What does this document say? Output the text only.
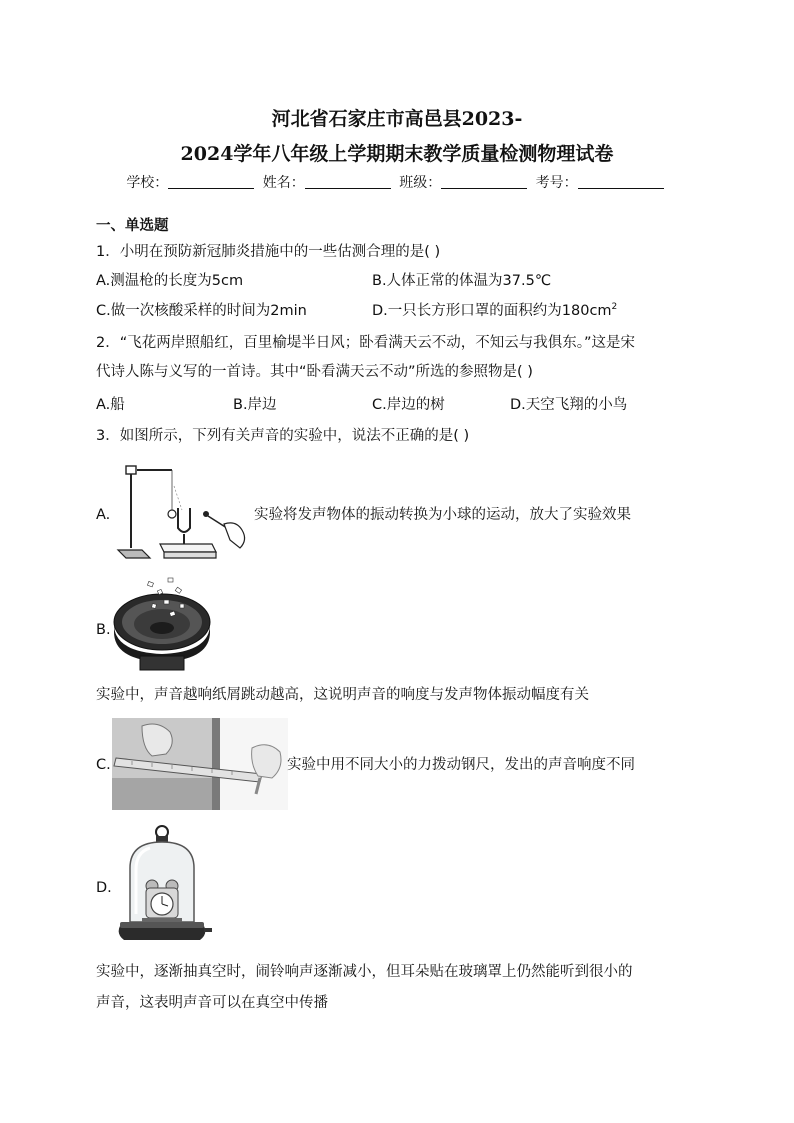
河北省石家庄市高邑县2023-
2024学年八年级上学期期末教学质量检测物理试卷
学校：	姓名：	班级：	考号：
一、单选题
1．小明在预防新冠肺炎措施中的一些估测合理的是( )
A.测温枪的长度为5cm	B.人体正常的体温为37.5℃
C.做一次核酸采样的时间为2min	D.一只长方形口罩的面积约为$180cm^2$
2．“飞花两岸照船红，百里榆堤半日风；卧看满天云不动，不知云与我俱东。”这是宋
代诗人陈与义写的一首诗。其中“卧看满天云不动”所选的参照物是( )
A.船	B.岸边	C.岸边的树	D.天空飞翔的小鸟
3．如图所示，下列有关声音的实验中，说法不正确的是( )
A.	实验将发声物体的振动转换为小球的运动，放大了实验效果
B.
实验中，声音越响纸屑跳动越高，这说明声音的响度与发声物体振动幅度有关
C.	实验中用不同大小的力拨动钢尺，发出的声音响度不同
D.
实验中，逐渐抽真空时，闹铃响声逐渐减小，但耳朵贴在玻璃罩上仍然能听到很小的
声音，这表明声音可以在真空中传播
